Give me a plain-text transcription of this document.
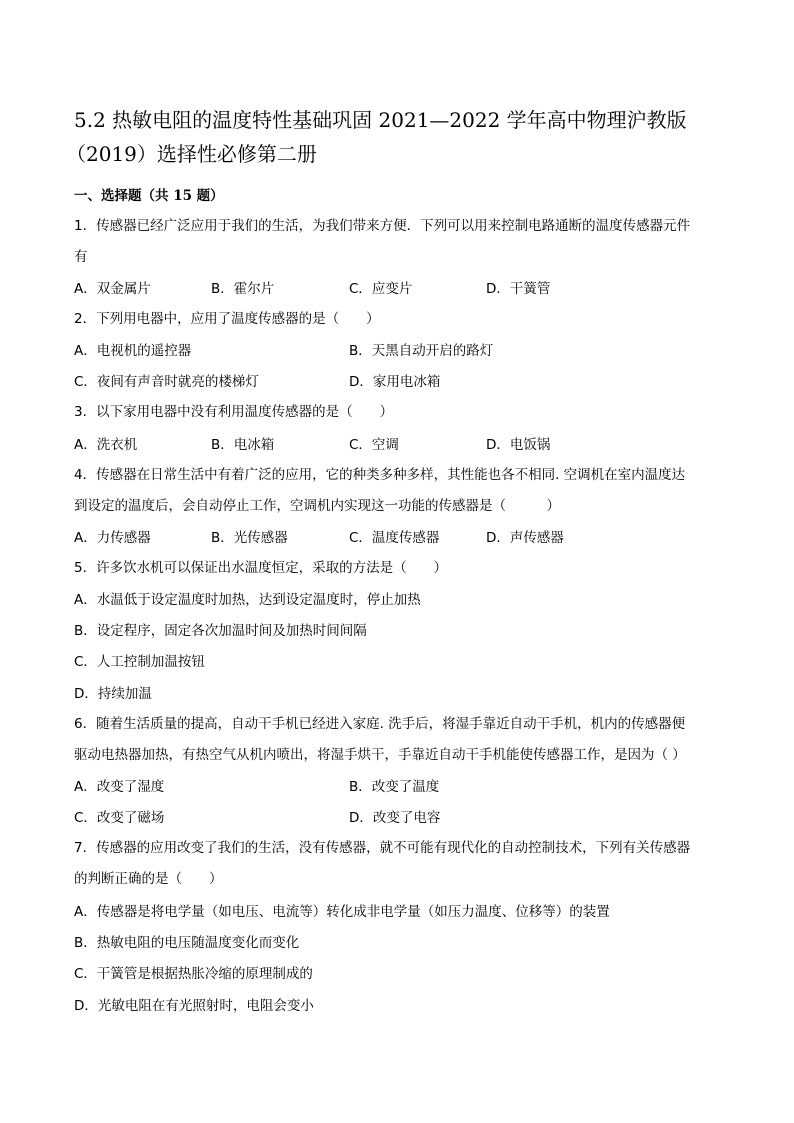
5.2 热敏电阻的温度特性基础巩固 2021—2022 学年高中物理沪教版
（2019）选择性必修第二册
一、选择题（共 15 题）
1．传感器已经广泛应用于我们的生活，为我们带来方便．下列可以用来控制电路通断的温度传感器元件
有
A．双金属片	B．霍尔片	C．应变片	D．干簧管
2．下列用电器中，应用了温度传感器的是（　　）
A．电视机的遥控器	B．天黑自动开启的路灯
C．夜间有声音时就亮的楼梯灯	D．家用电冰箱
3．以下家用电器中没有利用温度传感器的是（　　）
A．洗衣机	B．电冰箱	C．空调	D．电饭锅
4．传感器在日常生活中有着广泛的应用，它的种类多种多样，其性能也各不相同. 空调机在室内温度达
到设定的温度后，会自动停止工作，空调机内实现这一功能的传感器是（　　　）
A．力传感器	B．光传感器	C．温度传感器	D．声传感器
5．许多饮水机可以保证出水温度恒定，采取的方法是（　　）
A．水温低于设定温度时加热，达到设定温度时，停止加热
B．设定程序，固定各次加温时间及加热时间间隔
C．人工控制加温按钮
D．持续加温
6．随着生活质量的提高，自动干手机已经进入家庭. 洗手后，将湿手靠近自动干手机，机内的传感器便
驱动电热器加热，有热空气从机内喷出，将湿手烘干，手靠近自动干手机能使传感器工作，是因为（ ）
A．改变了湿度	B．改变了温度
C．改变了磁场	D．改变了电容
7．传感器的应用改变了我们的生活，没有传感器，就不可能有现代化的自动控制技术，下列有关传感器
的判断正确的是（　　）
A．传感器是将电学量（如电压、电流等）转化成非电学量（如压力温度、位移等）的装置
B．热敏电阻的电压随温度变化而变化
C．干簧管是根据热胀冷缩的原理制成的
D．光敏电阻在有光照射时，电阻会变小
